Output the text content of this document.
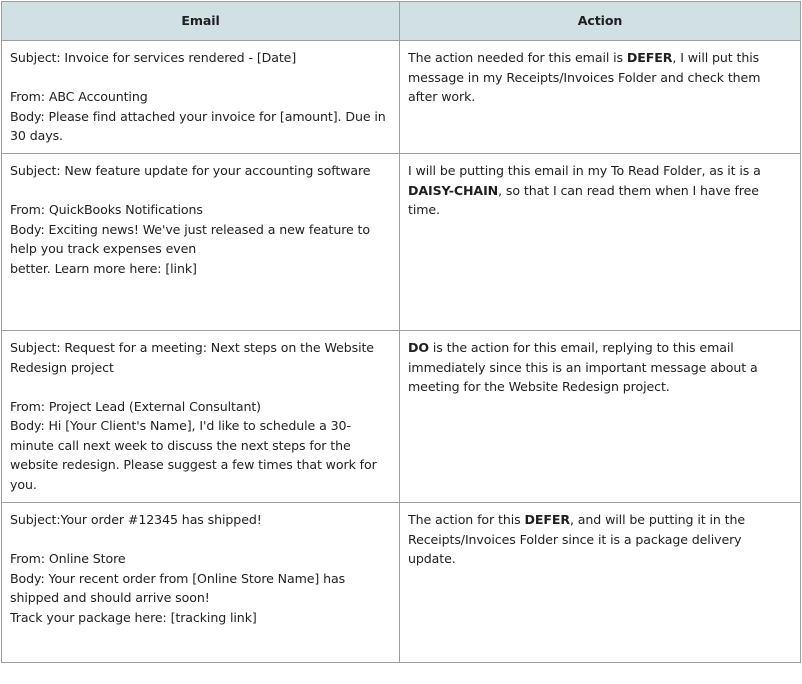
Email	Action

Subject: Invoice for services rendered - [Date]
From: ABC Accounting
Body: Please find attached your invoice for [amount]. Due in 30 days.	The action needed for this email is DEFER, I will put this message in my Receipts/Invoices Folder and check them after work.

Subject: New feature update for your accounting software
From: QuickBooks Notifications
Body: Exciting news! We've just released a new feature to help you track expenses even
better. Learn more here: [link]	I will be putting this email in my To Read Folder, as it is a DAISY-CHAIN, so that I can read them when I have free time.

Subject: Request for a meeting: Next steps on the Website Redesign project
From: Project Lead (External Consultant)
Body: Hi [Your Client's Name], I'd like to schedule a 30-minute call next week to discuss the next steps for the website redesign. Please suggest a few times that work for you.	DO is the action for this email, replying to this email immediately since this is an important message about a meeting for the Website Redesign project.

Subject:Your order #12345 has shipped!
From: Online Store
Body: Your recent order from [Online Store Name] has shipped and should arrive soon!
Track your package here: [tracking link]	The action for this DEFER, and will be putting it in the Receipts/Invoices Folder since it is a package delivery update.
